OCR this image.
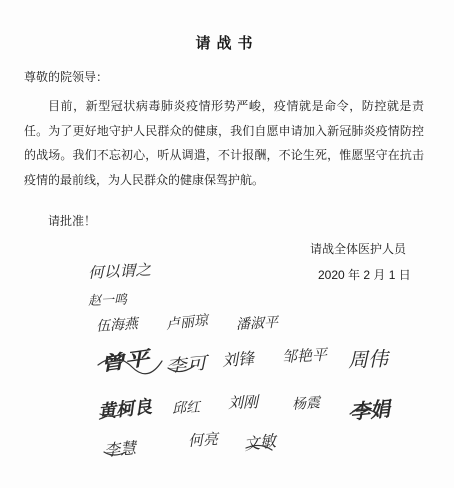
请战书
尊敬的院领导：
目前，新型冠状病毒肺炎疫情形势严峻，疫情就是命令，防控就是责任。为了更好地守护人民群众的健康，我们自愿申请加入新冠肺炎疫情防控的战场。我们不忘初心，听从调遣，不计报酬，不论生死，惟愿坚守在抗击疫情的最前线，为人民群众的健康保驾护航。
请批准！
请战全体医护人员
2020 年 2 月 1 日
何以谓之
赵一鸣
伍海燕 卢丽琼 潘淑平
曾平 李可 刘锋 邹艳平 周伟
黄柯良 邱红 刘刚 杨震 李娟
李慧	何亮 文敏
